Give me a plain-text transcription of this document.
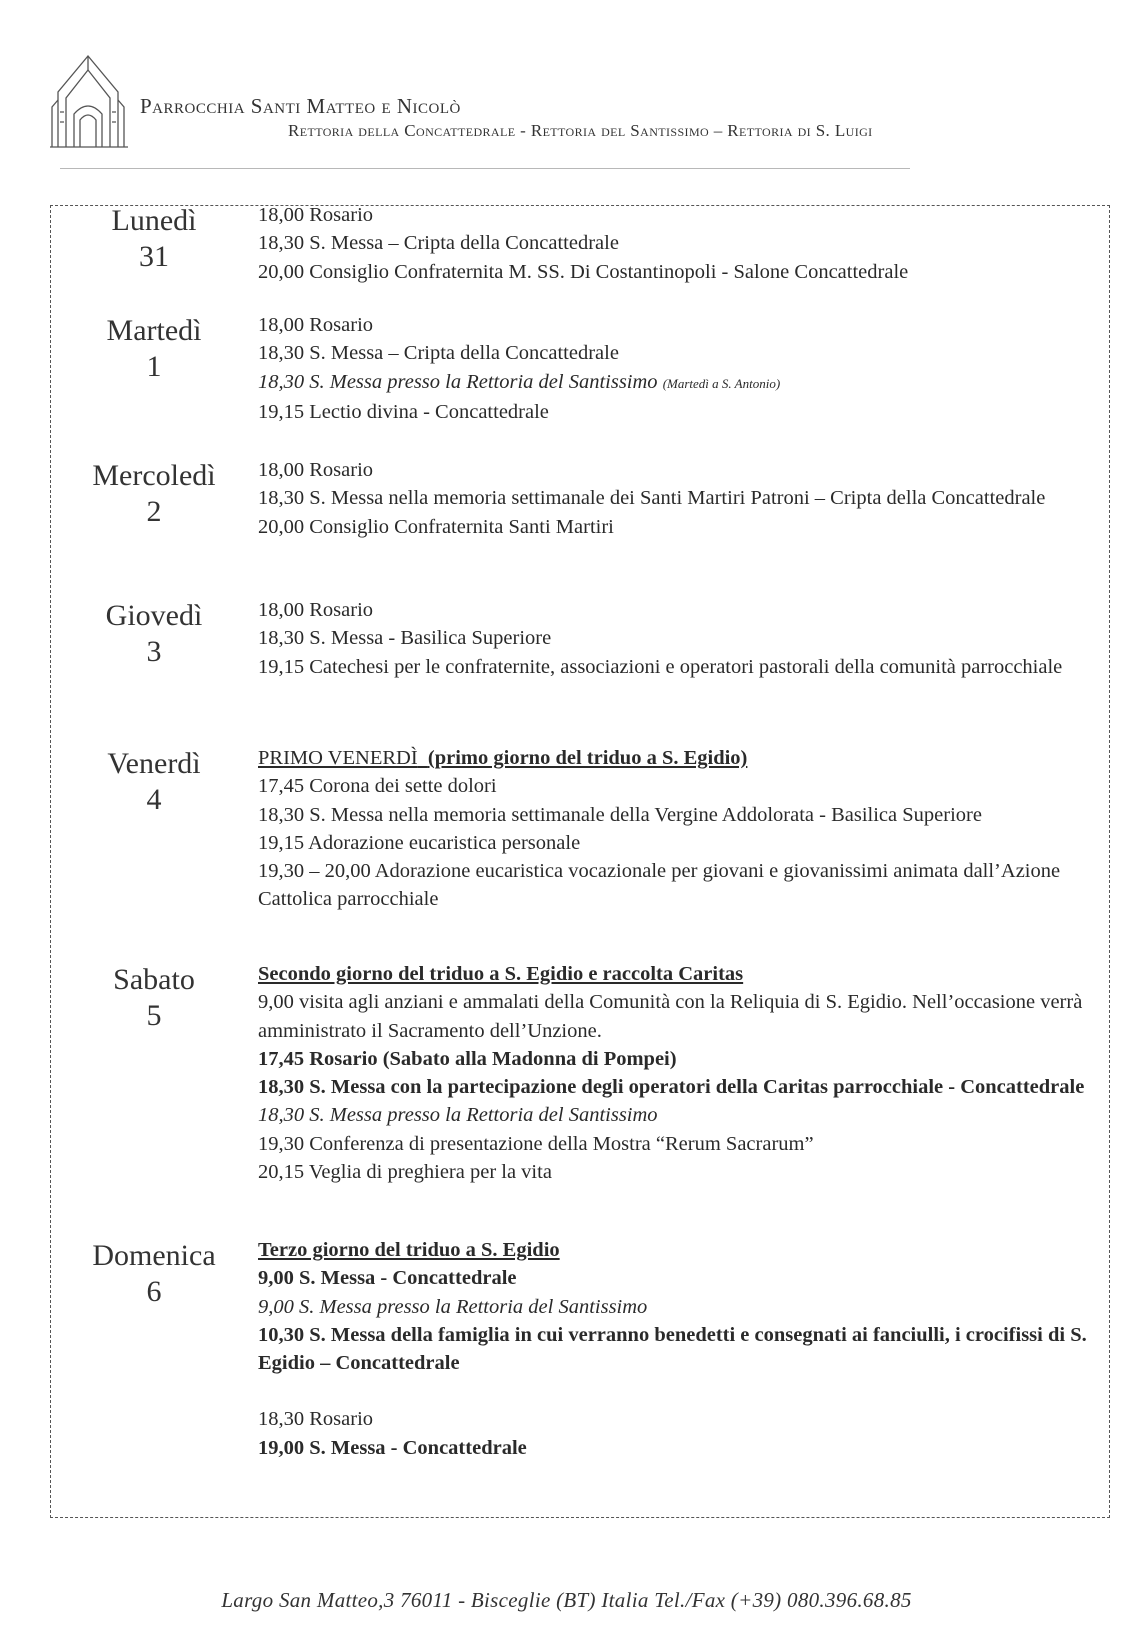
Parrocchia Santi Matteo e Nicolò
Rettoria della Concattedrale - Rettoria del Santissimo – Rettoria di S. Luigi
Lunedì
31
18,00 Rosario
18,30 S. Messa – Cripta della Concattedrale
20,00 Consiglio Confraternita M. SS. Di Costantinopoli - Salone Concattedrale
Martedì
1
18,00 Rosario
18,30 S. Messa – Cripta della Concattedrale
18,30 S. Messa presso la Rettoria del Santissimo (Martedì a S. Antonio)
19,15 Lectio divina - Concattedrale
Mercoledì
2
18,00 Rosario
18,30 S. Messa nella memoria settimanale dei Santi Martiri Patroni – Cripta della Concattedrale
20,00 Consiglio Confraternita Santi Martiri
Giovedì
3
18,00 Rosario
18,30 S. Messa - Basilica Superiore
19,15 Catechesi per le confraternite, associazioni e operatori pastorali della comunità parrocchiale
Venerdì
4
PRIMO VENERDÌ (primo giorno del triduo a S. Egidio)
17,45 Corona dei sette dolori
18,30 S. Messa nella memoria settimanale della Vergine Addolorata - Basilica Superiore
19,15 Adorazione eucaristica personale
19,30 – 20,00 Adorazione eucaristica vocazionale per giovani e giovanissimi animata dall’Azione Cattolica parrocchiale
Sabato
5
Secondo giorno del triduo a S. Egidio e raccolta Caritas
9,00 visita agli anziani e ammalati della Comunità con la Reliquia di S. Egidio. Nell’occasione verrà amministrato il Sacramento dell’Unzione.
17,45 Rosario (Sabato alla Madonna di Pompei)
18,30 S. Messa con la partecipazione degli operatori della Caritas parrocchiale - Concattedrale
18,30 S. Messa presso la Rettoria del Santissimo
19,30 Conferenza di presentazione della Mostra “Rerum Sacrarum”
20,15 Veglia di preghiera per la vita
Domenica
6
Terzo giorno del triduo a S. Egidio
9,00 S. Messa - Concattedrale
9,00 S. Messa presso la Rettoria del Santissimo
10,30 S. Messa della famiglia in cui verranno benedetti e consegnati ai fanciulli, i crocifissi di S. Egidio – Concattedrale
18,30 Rosario
19,00 S. Messa - Concattedrale
Largo San Matteo,3 76011 - Bisceglie (BT) Italia Tel./Fax (+39) 080.396.68.85
